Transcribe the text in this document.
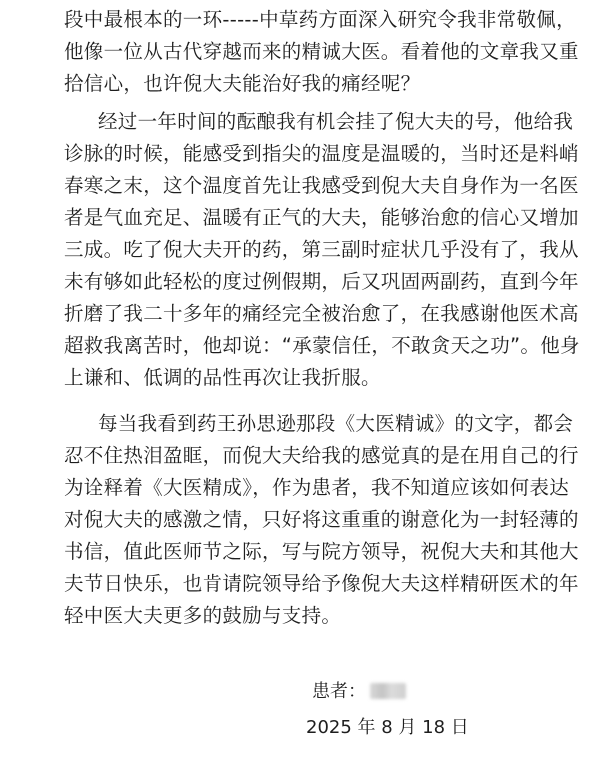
段中最根本的一环-----中草药方面深入研究令我非常敬佩，
他像一位从古代穿越而来的精诚大医。看着他的文章我又重
拾信心，也许倪大夫能治好我的痛经呢？
经过一年时间的酝酿我有机会挂了倪大夫的号，他给我
诊脉的时候，能感受到指尖的温度是温暖的，当时还是料峭
春寒之末，这个温度首先让我感受到倪大夫自身作为一名医
者是气血充足、温暖有正气的大夫，能够治愈的信心又增加
三成。吃了倪大夫开的药，第三副时症状几乎没有了，我从
未有够如此轻松的度过例假期，后又巩固两副药，直到今年
折磨了我二十多年的痛经完全被治愈了，在我感谢他医术高
超救我离苦时，他却说：“承蒙信任，不敢贪天之功”。他身
上谦和、低调的品性再次让我折服。
每当我看到药王孙思逊那段《大医精诚》的文字，都会
忍不住热泪盈眶，而倪大夫给我的感觉真的是在用自己的行
为诠释着《大医精成》，作为患者，我不知道应该如何表达
对倪大夫的感激之情，只好将这重重的谢意化为一封轻薄的
书信，值此医师节之际，写与院方领导，祝倪大夫和其他大
夫节日快乐，也肯请院领导给予像倪大夫这样精研医术的年
轻中医大夫更多的鼓励与支持。
患者：
2025 年 8 月 18 日
